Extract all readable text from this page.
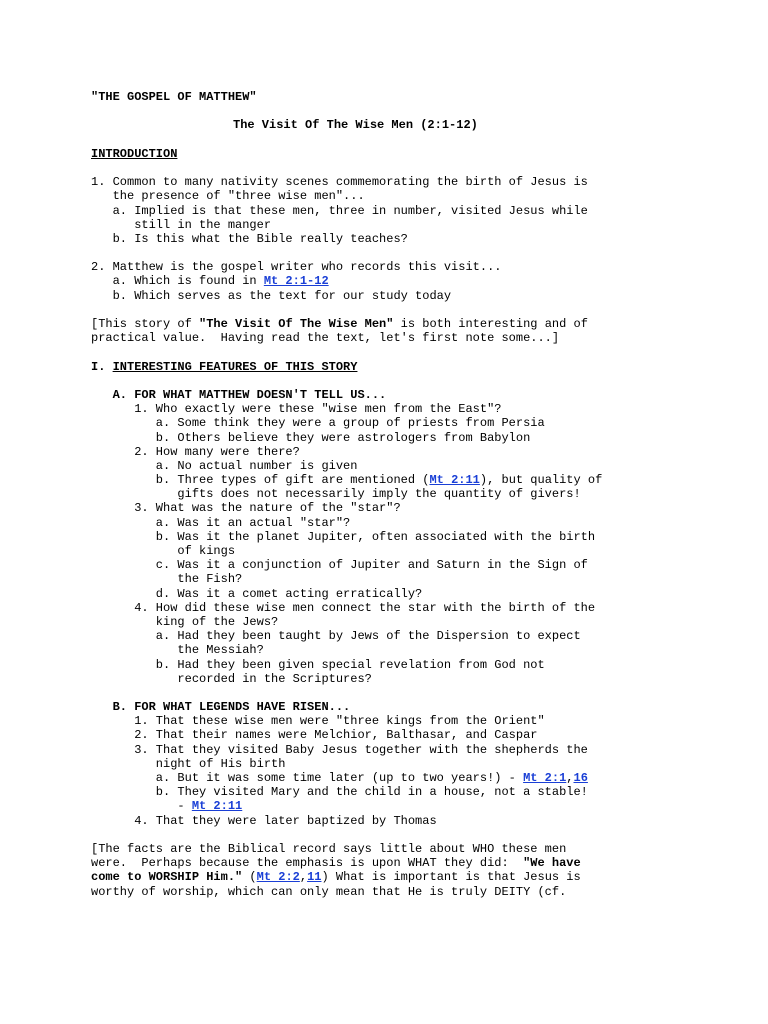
"THE GOSPEL OF MATTHEW"
The Visit Of The Wise Men (2:1-12)
INTRODUCTION
1. Common to many nativity scenes commemorating the birth of Jesus is
the presence of "three wise men"...
a. Implied is that these men, three in number, visited Jesus while
still in the manger
b. Is this what the Bible really teaches?
2. Matthew is the gospel writer who records this visit...
a. Which is found in Mt 2:1-12
b. Which serves as the text for our study today
[This story of "The Visit Of The Wise Men" is both interesting and of
practical value.  Having read the text, let's first note some...]
I. INTERESTING FEATURES OF THIS STORY
A. FOR WHAT MATTHEW DOESN'T TELL US...
1. Who exactly were these "wise men from the East"?
a. Some think they were a group of priests from Persia
b. Others believe they were astrologers from Babylon
2. How many were there?
a. No actual number is given
b. Three types of gift are mentioned (Mt 2:11), but quality of
gifts does not necessarily imply the quantity of givers!
3. What was the nature of the "star"?
a. Was it an actual "star"?
b. Was it the planet Jupiter, often associated with the birth
of kings
c. Was it a conjunction of Jupiter and Saturn in the Sign of
the Fish?
d. Was it a comet acting erratically?
4. How did these wise men connect the star with the birth of the
king of the Jews?
a. Had they been taught by Jews of the Dispersion to expect
the Messiah?
b. Had they been given special revelation from God not
recorded in the Scriptures?
B. FOR WHAT LEGENDS HAVE RISEN...
1. That these wise men were "three kings from the Orient"
2. That their names were Melchior, Balthasar, and Caspar
3. That they visited Baby Jesus together with the shepherds the
night of His birth
a. But it was some time later (up to two years!) - Mt 2:1,16
b. They visited Mary and the child in a house, not a stable!
- Mt 2:11
4. That they were later baptized by Thomas
[The facts are the Biblical record says little about WHO these men
were.  Perhaps because the emphasis is upon WHAT they did:  "We have
come to WORSHIP Him." (Mt 2:2,11) What is important is that Jesus is
worthy of worship, which can only mean that He is truly DEITY (cf.
